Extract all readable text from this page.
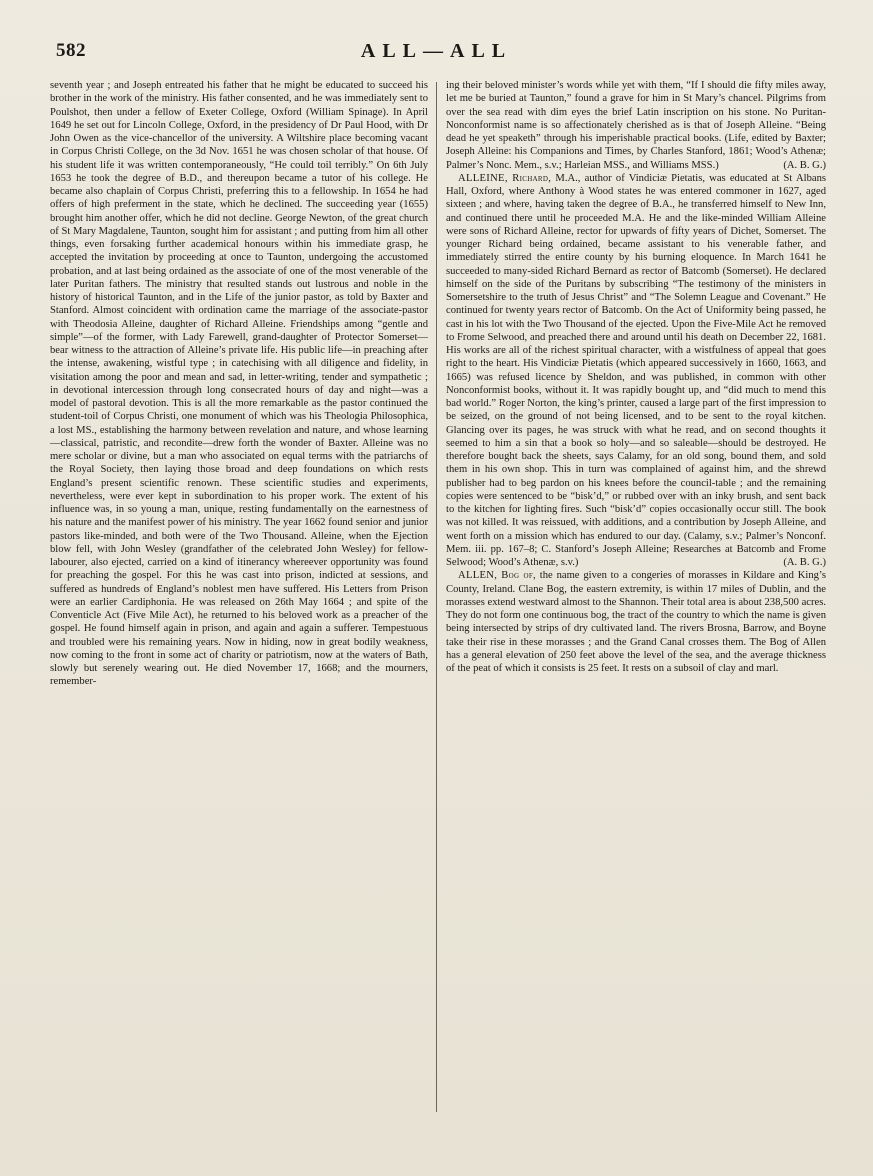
582	ALL—ALL

seventh year ; and Joseph entreated his father that he might be educated to succeed his brother in the work of the ministry. His father consented, and he was immediately sent to Poulshot, then under a fellow of Exeter College, Oxford (William Spinage). In April 1649 he set out for Lincoln College, Oxford, in the presidency of Dr Paul Hood, with Dr John Owen as the vice-chancellor of the university. A Wiltshire place becoming vacant in Corpus Christi College, on the 3d Nov. 1651 he was chosen scholar of that house. Of his student life it was written contemporaneously, “He could toil terribly.” On 6th July 1653 he took the degree of B.D., and thereupon became a tutor of his college. He became also chaplain of Corpus Christi, preferring this to a fellowship. In 1654 he had offers of high preferment in the state, which he declined. The succeeding year (1655) brought him another offer, which he did not decline. George Newton, of the great church of St Mary Magdalene, Taunton, sought him for assistant ; and putting from him all other things, even forsaking further academical honours within his immediate grasp, he accepted the invitation by proceeding at once to Taunton, undergoing the accustomed probation, and at last being ordained as the associate of one of the most venerable of the later Puritan fathers. The ministry that resulted stands out lustrous and noble in the history of historical Taunton, and in the Life of the junior pastor, as told by Baxter and Stanford. Almost coincident with ordination came the marriage of the associate-pastor with Theodosia Alleine, daughter of Richard Alleine. Friendships among “gentle and simple”—of the former, with Lady Farewell, grand-daughter of Protector Somerset—bear witness to the attraction of Alleine’s private life. His public life—in preaching after the intense, awakening, wistful type ; in catechising with all diligence and fidelity, in visitation among the poor and mean and sad, in letter-writing, tender and sympathetic ; in devotional intercession through long consecrated hours of day and night—was a model of pastoral devotion. This is all the more remarkable as the pastor continued the student-toil of Corpus Christi, one monument of which was his Theologia Philosophica, a lost MS., establishing the harmony between revelation and nature, and whose learning—classical, patristic, and recondite—drew forth the wonder of Baxter. Alleine was no mere scholar or divine, but a man who associated on equal terms with the patriarchs of the Royal Society, then laying those broad and deep foundations on which rests England’s present scientific renown. These scientific studies and experiments, nevertheless, were ever kept in subordination to his proper work. The extent of his influence was, in so young a man, unique, resting fundamentally on the earnestness of his nature and the manifest power of his ministry. The year 1662 found senior and junior pastors like-minded, and both were of the Two Thousand. Alleine, when the Ejection blow fell, with John Wesley (grandfather of the celebrated John Wesley) for fellow-labourer, also ejected, carried on a kind of itinerancy whereever opportunity was found for preaching the gospel. For this he was cast into prison, indicted at sessions, and suffered as hundreds of England’s noblest men have suffered. His Letters from Prison were an earlier Cardiphonia. He was released on 26th May 1664 ; and spite of the Conventicle Act (Five Mile Act), he returned to his beloved work as a preacher of the gospel. He found himself again in prison, and again and again a sufferer. Tempestuous and troubled were his remaining years. Now in hiding, now in great bodily weakness, now coming to the front in some act of charity or patriotism, now at the waters of Bath, slowly but serenely wearing out. He died November 17, 1668; and the mourners, remember-

ing their beloved minister’s words while yet with them, “If I should die fifty miles away, let me be buried at Taunton,” found a grave for him in St Mary’s chancel. Pilgrims from over the sea read with dim eyes the brief Latin inscription on his stone. No Puritan-Nonconformist name is so affectionately cherished as is that of Joseph Alleine. “Being dead he yet speaketh” through his imperishable practical books. (Life, edited by Baxter; Joseph Alleine: his Companions and Times, by Charles Stanford, 1861; Wood’s Athenæ; Palmer’s Nonc. Mem., s.v.; Harleian MSS., and Williams MSS.)	(A. B. G.)

ALLEINE, Richard, M.A., author of Vindiciæ Pietatis, was educated at St Albans Hall, Oxford, where Anthony à Wood states he was entered commoner in 1627, aged sixteen ; and where, having taken the degree of B.A., he transferred himself to New Inn, and continued there until he proceeded M.A. He and the like-minded William Alleine were sons of Richard Alleine, rector for upwards of fifty years of Dichet, Somerset. The younger Richard being ordained, became assistant to his venerable father, and immediately stirred the entire county by his burning eloquence. In March 1641 he succeeded to many-sided Richard Bernard as rector of Batcomb (Somerset). He declared himself on the side of the Puritans by subscribing “The testimony of the ministers in Somersetshire to the truth of Jesus Christ” and “The Solemn League and Covenant.” He continued for twenty years rector of Batcomb. On the Act of Uniformity being passed, he cast in his lot with the Two Thousand of the ejected. Upon the Five-Mile Act he removed to Frome Selwood, and preached there and around until his death on December 22, 1681. His works are all of the richest spiritual character, with a wistfulness of appeal that goes right to the heart. His Vindiciæ Pietatis (which appeared successively in 1660, 1663, and 1665) was refused licence by Sheldon, and was published, in common with other Nonconformist books, without it. It was rapidly bought up, and “did much to mend this bad world.” Roger Norton, the king’s printer, caused a large part of the first impression to be seized, on the ground of not being licensed, and to be sent to the royal kitchen. Glancing over its pages, he was struck with what he read, and on second thoughts it seemed to him a sin that a book so holy—and so saleable—should be destroyed. He therefore bought back the sheets, says Calamy, for an old song, bound them, and sold them in his own shop. This in turn was complained of against him, and the shrewd publisher had to beg pardon on his knees before the council-table ; and the remaining copies were sentenced to be “bisk’d,” or rubbed over with an inky brush, and sent back to the kitchen for lighting fires. Such “bisk’d” copies occasionally occur still. The book was not killed. It was reissued, with additions, and a contribution by Joseph Alleine, and went forth on a mission which has endured to our day. (Calamy, s.v.; Palmer’s Nonconf. Mem. iii. pp. 167–8; C. Stanford’s Joseph Alleine; Researches at Batcomb and Frome Selwood; Wood’s Athenæ, s.v.)	(A. B. G.)

ALLEN, Bog of, the name given to a congeries of morasses in Kildare and King’s County, Ireland. Clane Bog, the eastern extremity, is within 17 miles of Dublin, and the morasses extend westward almost to the Shannon. Their total area is about 238,500 acres. They do not form one continuous bog, the tract of the country to which the name is given being intersected by strips of dry cultivated land. The rivers Brosna, Barrow, and Boyne take their rise in these morasses ; and the Grand Canal crosses them. The Bog of Allen has a general elevation of 250 feet above the level of the sea, and the average thickness of the peat of which it consists is 25 feet. It rests on a subsoil of clay and marl.
